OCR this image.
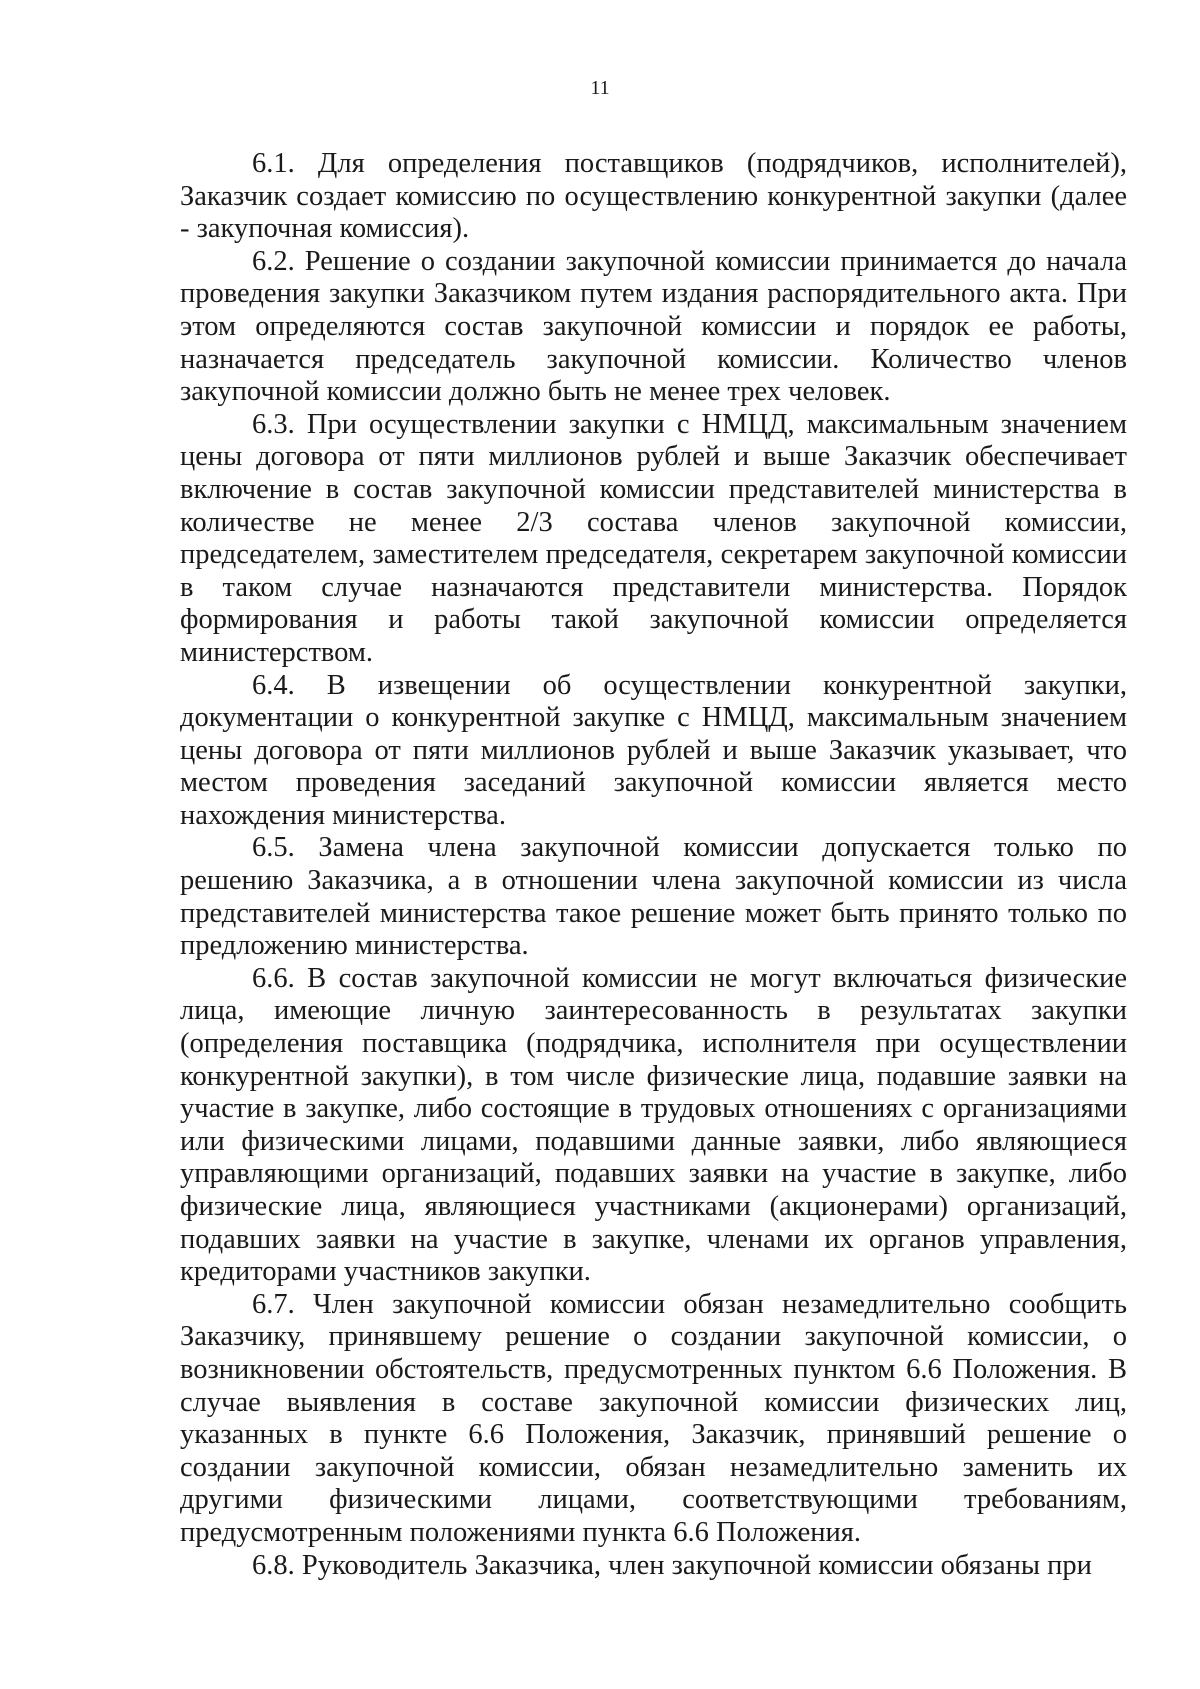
11

6.1. Для определения поставщиков (подрядчиков, исполнителей), Заказчик создает комиссию по осуществлению конкурентной закупки (далее - закупочная комиссия).

6.2. Решение о создании закупочной комиссии принимается до начала проведения закупки Заказчиком путем издания распорядительного акта. При этом определяются состав закупочной комиссии и порядок ее работы, назначается председатель закупочной комиссии. Количество членов закупочной комиссии должно быть не менее трех человек.

6.3. При осуществлении закупки с НМЦД, максимальным значением цены договора от пяти миллионов рублей и выше Заказчик обеспечивает включение в состав закупочной комиссии представителей министерства в количестве не менее 2/3 состава членов закупочной комиссии, председателем, заместителем председателя, секретарем закупочной комиссии в таком случае назначаются представители министерства. Порядок формирования и работы такой закупочной комиссии определяется министерством.

6.4. В извещении об осуществлении конкурентной закупки, документации о конкурентной закупке с НМЦД, максимальным значением цены договора от пяти миллионов рублей и выше Заказчик указывает, что местом проведения заседаний закупочной комиссии является место нахождения министерства.

6.5. Замена члена закупочной комиссии допускается только по решению Заказчика, а в отношении члена закупочной комиссии из числа представителей министерства такое решение может быть принято только по предложению министерства.

6.6. В состав закупочной комиссии не могут включаться физические лица, имеющие личную заинтересованность в результатах закупки (определения поставщика (подрядчика, исполнителя при осуществлении конкурентной закупки), в том числе физические лица, подавшие заявки на участие в закупке, либо состоящие в трудовых отношениях с организациями или физическими лицами, подавшими данные заявки, либо являющиеся управляющими организаций, подавших заявки на участие в закупке, либо физические лица, являющиеся участниками (акционерами) организаций, подавших заявки на участие в закупке, членами их органов управления, кредиторами участников закупки.

6.7. Член закупочной комиссии обязан незамедлительно сообщить Заказчику, принявшему решение о создании закупочной комиссии, о возникновении обстоятельств, предусмотренных пунктом 6.6 Положения. В случае выявления в составе закупочной комиссии физических лиц, указанных в пункте 6.6 Положения, Заказчик, принявший решение о создании закупочной комиссии, обязан незамедлительно заменить их другими физическими лицами, соответствующими требованиям, предусмотренным положениями пункта 6.6 Положения.

6.8. Руководитель Заказчика, член закупочной комиссии обязаны при
